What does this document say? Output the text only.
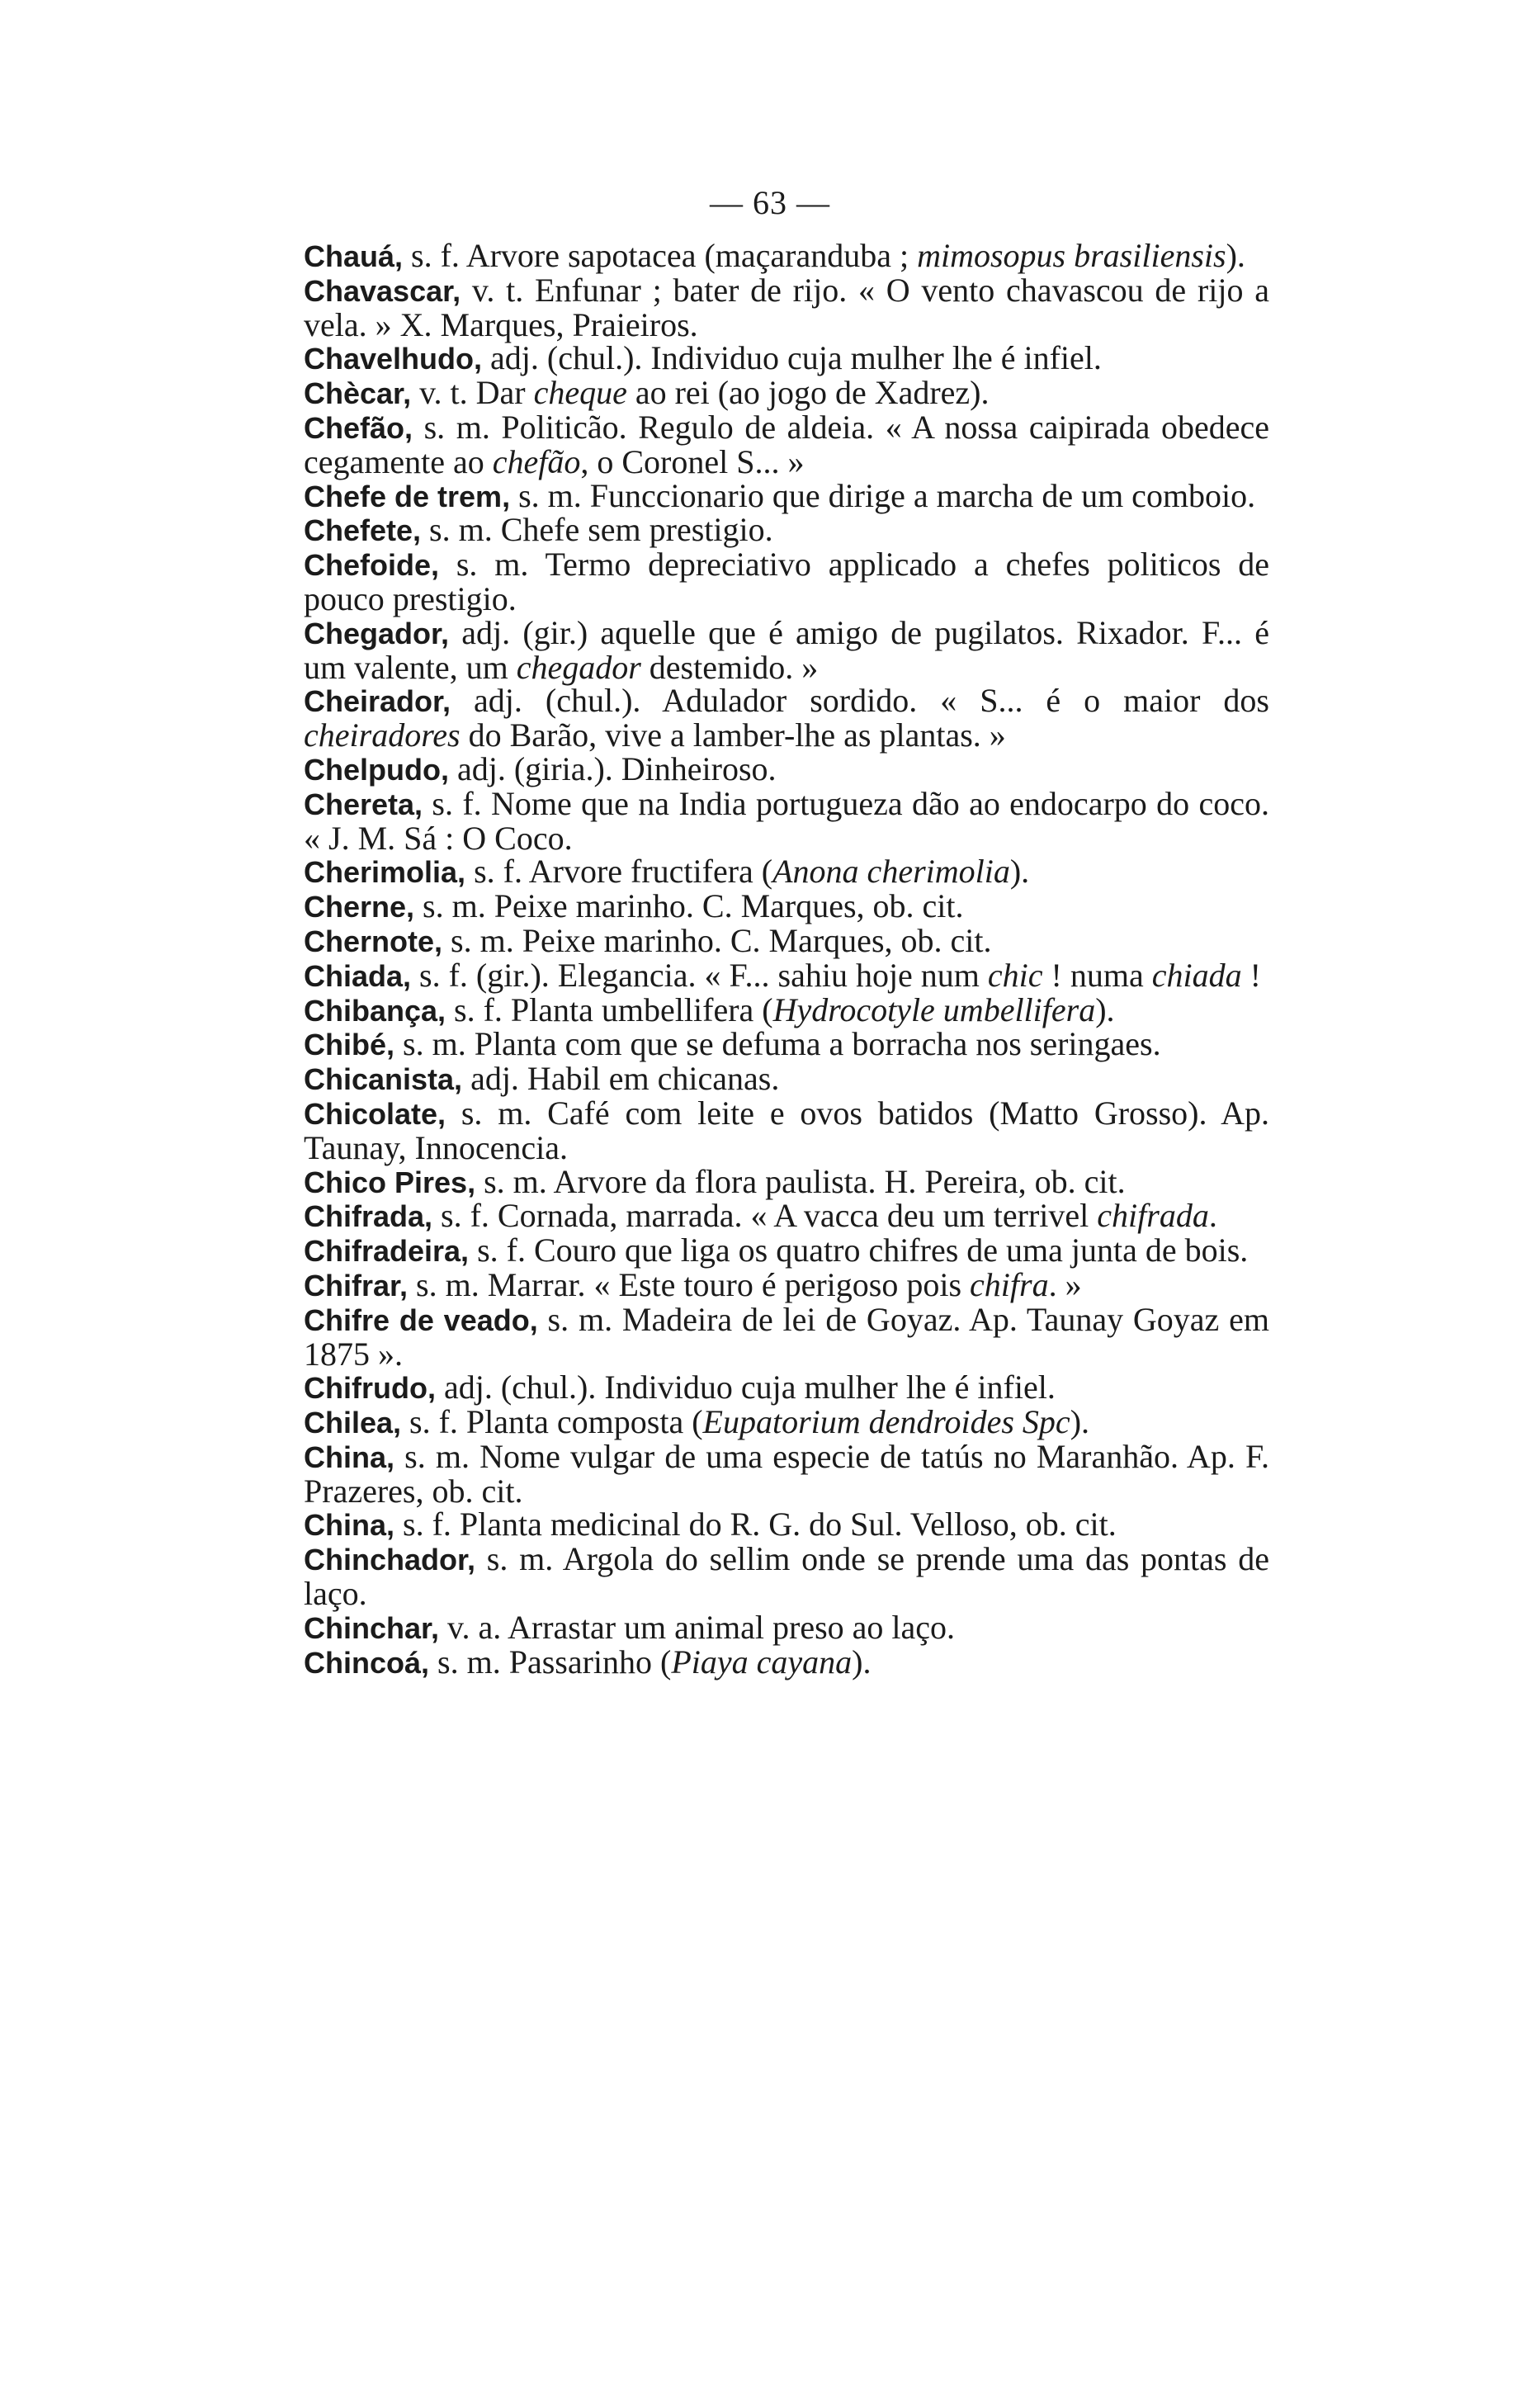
— 63 —

Chauá, s. f. Arvore sapotacea (maçaranduba ; mimosopus brasiliensis).

Chavascar, v. t. Enfunar ; bater de rijo. « O vento chavascou de rijo a vela. » X. Marques, Praieiros.

Chavelhudo, adj. (chul.). Individuo cuja mulher lhe é infiel.

Chècar, v. t. Dar cheque ao rei (ao jogo de Xadrez).

Chefão, s. m. Politicão. Regulo de aldeia. « A nossa caipirada obedece cegamente ao chefão, o Coronel S... »

Chefe de trem, s. m. Funccionario que dirige a marcha de um comboio.

Chefete, s. m. Chefe sem prestigio.

Chefoide, s. m. Termo depreciativo applicado a chefes politicos de pouco prestigio.

Chegador, adj. (gir.) aquelle que é amigo de pugilatos. Rixador. F... é um valente, um chegador destemido. »

Cheirador, adj. (chul.). Adulador sordido. « S... é o maior dos cheiradores do Barão, vive a lamber-lhe as plantas. »

Chelpudo, adj. (giria.). Dinheiroso.

Chereta, s. f. Nome que na India portugueza dão ao endocarpo do coco. « J. M. Sá : O Coco.

Cherimolia, s. f. Arvore fructifera (Anona cherimolia).

Cherne, s. m. Peixe marinho. C. Marques, ob. cit.

Chernote, s. m. Peixe marinho. C. Marques, ob. cit.

Chiada, s. f. (gir.). Elegancia. « F... sahiu hoje num chic ! numa chiada !

Chibança, s. f. Planta umbellifera (Hydrocotyle umbellifera).

Chibé, s. m. Planta com que se defuma a borracha nos seringaes.

Chicanista, adj. Habil em chicanas.

Chicolate, s. m. Café com leite e ovos batidos (Matto Grosso). Ap. Taunay, Innocencia.

Chico Pires, s. m. Arvore da flora paulista. H. Pereira, ob. cit.

Chifrada, s. f. Cornada, marrada. « A vacca deu um terrivel chifrada.

Chifradeira, s. f. Couro que liga os quatro chifres de uma junta de bois.

Chifrar, s. m. Marrar. « Este touro é perigoso pois chifra. »

Chifre de veado, s. m. Madeira de lei de Goyaz. Ap. Taunay Goyaz em 1875 ».

Chifrudo, adj. (chul.). Individuo cuja mulher lhe é infiel.

Chilea, s. f. Planta composta (Eupatorium dendroides Spc).

China, s. m. Nome vulgar de uma especie de tatús no Maranhão. Ap. F. Prazeres, ob. cit.

China, s. f. Planta medicinal do R. G. do Sul. Velloso, ob. cit.

Chinchador, s. m. Argola do sellim onde se prende uma das pontas de laço.

Chinchar, v. a. Arrastar um animal preso ao laço.

Chincoá, s. m. Passarinho (Piaya cayana).
